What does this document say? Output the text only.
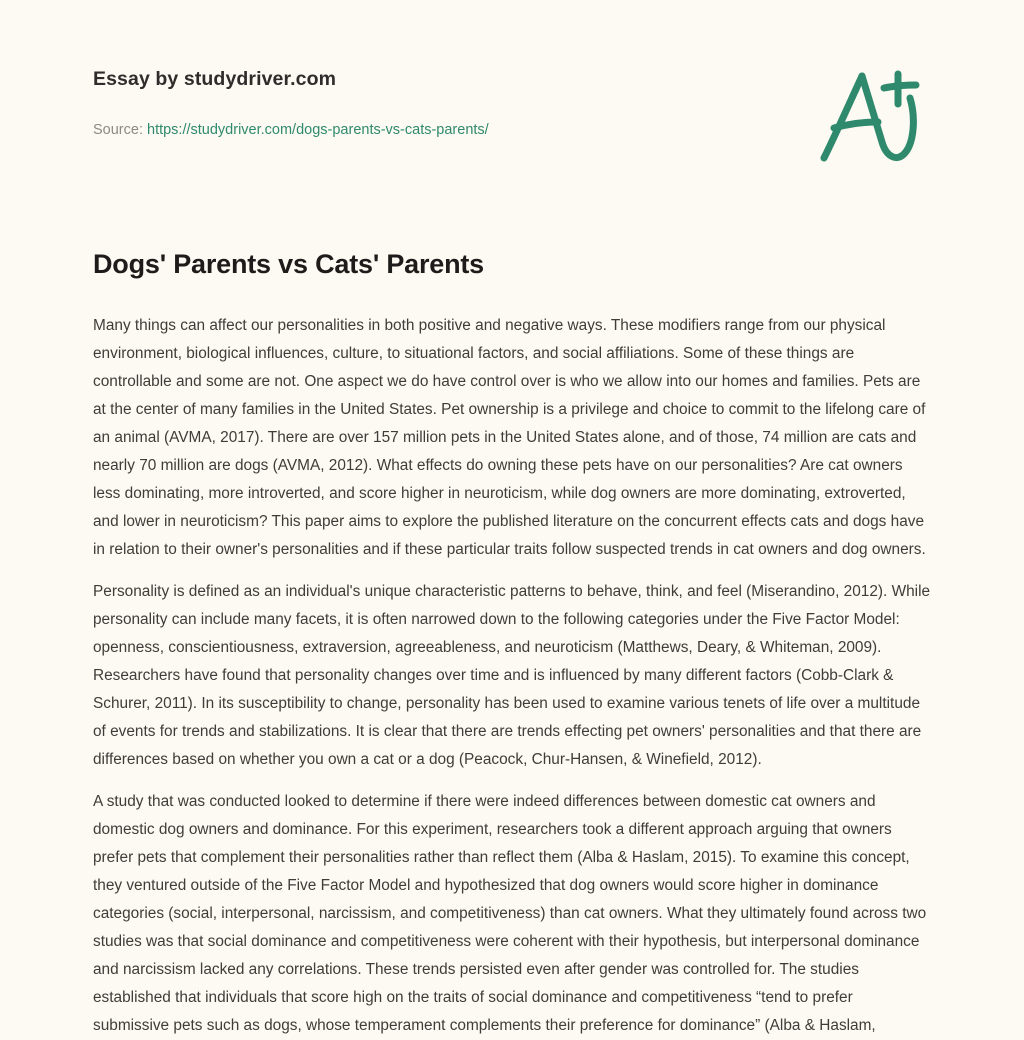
Essay by studydriver.com
Source: https://studydriver.com/dogs-parents-vs-cats-parents/
Dogs' Parents vs Cats' Parents

Many things can affect our personalities in both positive and negative ways. These modifiers range from our physical environment, biological influences, culture, to situational factors, and social affiliations. Some of these things are controllable and some are not. One aspect we do have control over is who we allow into our homes and families. Pets are at the center of many families in the United States. Pet ownership is a privilege and choice to commit to the lifelong care of an animal (AVMA, 2017). There are over 157 million pets in the United States alone, and of those, 74 million are cats and nearly 70 million are dogs (AVMA, 2012). What effects do owning these pets have on our personalities? Are cat owners less dominating, more introverted, and score higher in neuroticism, while dog owners are more dominating, extroverted, and lower in neuroticism? This paper aims to explore the published literature on the concurrent effects cats and dogs have in relation to their owner's personalities and if these particular traits follow suspected trends in cat owners and dog owners.

Personality is defined as an individual's unique characteristic patterns to behave, think, and feel (Miserandino, 2012). While personality can include many facets, it is often narrowed down to the following categories under the Five Factor Model: openness, conscientiousness, extraversion, agreeableness, and neuroticism (Matthews, Deary, & Whiteman, 2009). Researchers have found that personality changes over time and is influenced by many different factors (Cobb-Clark & Schurer, 2011). In its susceptibility to change, personality has been used to examine various tenets of life over a multitude of events for trends and stabilizations. It is clear that there are trends effecting pet owners' personalities and that there are differences based on whether you own a cat or a dog (Peacock, Chur-Hansen, & Winefield, 2012).

A study that was conducted looked to determine if there were indeed differences between domestic cat owners and domestic dog owners and dominance. For this experiment, researchers took a different approach arguing that owners prefer pets that complement their personalities rather than reflect them (Alba & Haslam, 2015). To examine this concept, they ventured outside of the Five Factor Model and hypothesized that dog owners would score higher in dominance categories (social, interpersonal, narcissism, and competitiveness) than cat owners. What they ultimately found across two studies was that social dominance and competitiveness were coherent with their hypothesis, but interpersonal dominance and narcissism lacked any correlations. These trends persisted even after gender was controlled for. The studies established that individuals that score high on the traits of social dominance and competitiveness “tend to prefer submissive pets such as dogs, whose temperament complements their preference for dominance” (Alba & Haslam,
